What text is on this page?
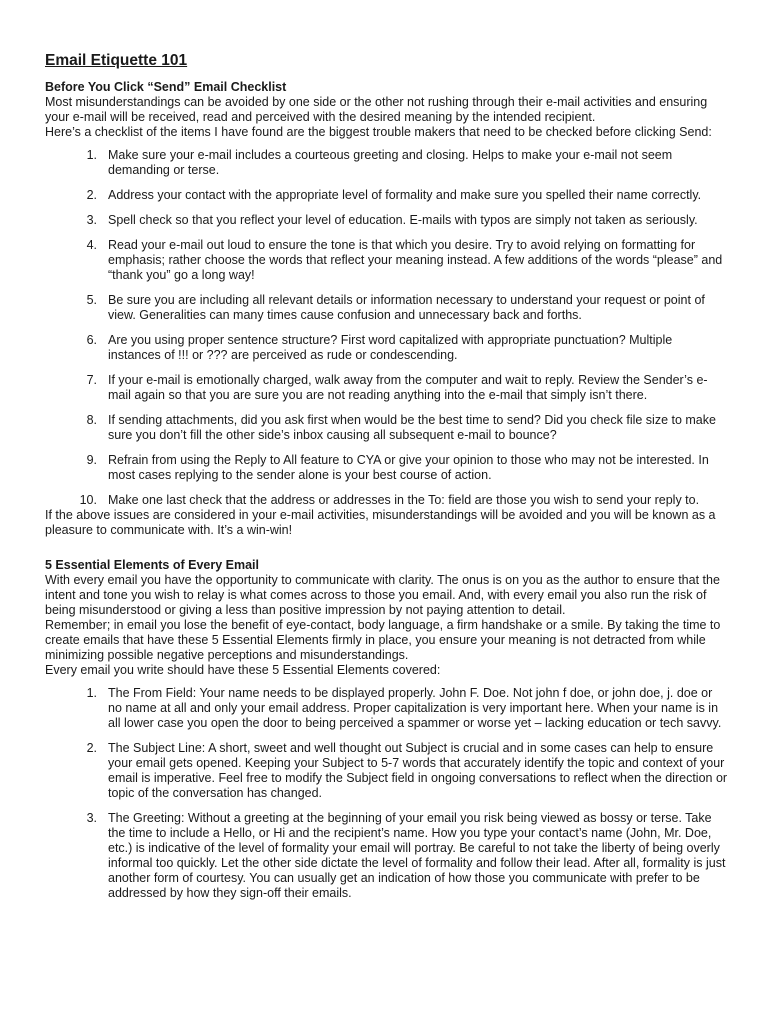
Email Etiquette 101
Before You Click “Send” Email Checklist

Most misunderstandings can be avoided by one side or the other not rushing through their e-mail activities and ensuring your e-mail will be received, read and perceived with the desired meaning by the intended recipient.

Here’s a checklist of the items I have found are the biggest trouble makers that need to be checked before clicking Send:

1. Make sure your e-mail includes a courteous greeting and closing. Helps to make your e-mail not seem demanding or terse.
2. Address your contact with the appropriate level of formality and make sure you spelled their name correctly.
3. Spell check so that you reflect your level of education. E-mails with typos are simply not taken as seriously.
4. Read your e-mail out loud to ensure the tone is that which you desire. Try to avoid relying on formatting for emphasis; rather choose the words that reflect your meaning instead. A few additions of the words “please” and “thank you” go a long way!
5. Be sure you are including all relevant details or information necessary to understand your request or point of view. Generalities can many times cause confusion and unnecessary back and forths.
6. Are you using proper sentence structure? First word capitalized with appropriate punctuation? Multiple instances of !!! or ??? are perceived as rude or condescending.
7. If your e-mail is emotionally charged, walk away from the computer and wait to reply. Review the Sender’s e-mail again so that you are sure you are not reading anything into the e-mail that simply isn’t there.
8. If sending attachments, did you ask first when would be the best time to send? Did you check file size to make sure you don’t fill the other side’s inbox causing all subsequent e-mail to bounce?
9. Refrain from using the Reply to All feature to CYA or give your opinion to those who may not be interested. In most cases replying to the sender alone is your best course of action.
10. Make one last check that the address or addresses in the To: field are those you wish to send your reply to.

If the above issues are considered in your e-mail activities, misunderstandings will be avoided and you will be known as a pleasure to communicate with. It’s a win-win!

5 Essential Elements of Every Email

With every email you have the opportunity to communicate with clarity. The onus is on you as the author to ensure that the intent and tone you wish to relay is what comes across to those you email. And, with every email you also run the risk of being misunderstood or giving a less than positive impression by not paying attention to detail.

Remember; in email you lose the benefit of eye-contact, body language, a firm handshake or a smile. By taking the time to create emails that have these 5 Essential Elements firmly in place, you ensure your meaning is not detracted from while minimizing possible negative perceptions and misunderstandings.

Every email you write should have these 5 Essential Elements covered:

1. The From Field: Your name needs to be displayed properly. John F. Doe. Not john f doe, or john doe, j. doe or no name at all and only your email address. Proper capitalization is very important here. When your name is in all lower case you open the door to being perceived a spammer or worse yet – lacking education or tech savvy.
2. The Subject Line: A short, sweet and well thought out Subject is crucial and in some cases can help to ensure your email gets opened. Keeping your Subject to 5-7 words that accurately identify the topic and context of your email is imperative. Feel free to modify the Subject field in ongoing conversations to reflect when the direction or topic of the conversation has changed.
3. The Greeting: Without a greeting at the beginning of your email you risk being viewed as bossy or terse. Take the time to include a Hello, or Hi and the recipient’s name. How you type your contact’s name (John, Mr. Doe, etc.) is indicative of the level of formality your email will portray. Be careful to not take the liberty of being overly informal too quickly. Let the other side dictate the level of formality and follow their lead. After all, formality is just another form of courtesy. You can usually get an indication of how those you communicate with prefer to be addressed by how they sign-off their emails.
